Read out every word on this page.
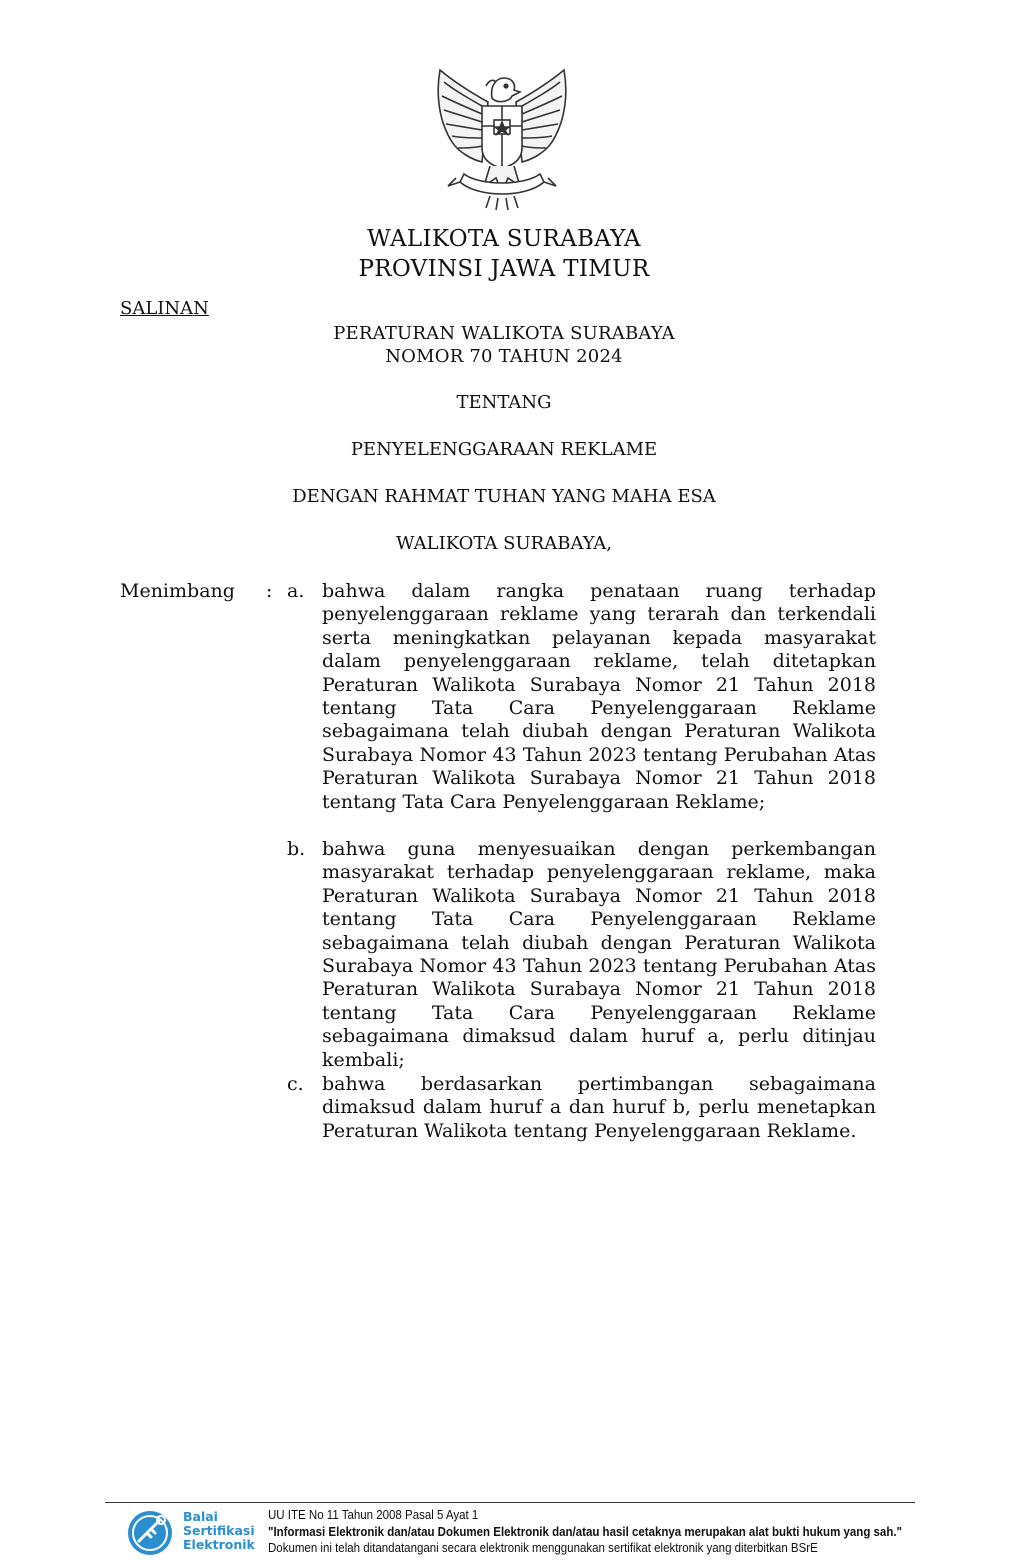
WALIKOTA SURABAYA
PROVINSI JAWA TIMUR
SALINAN
PERATURAN WALIKOTA SURABAYA
NOMOR 70 TAHUN 2024
TENTANG
PENYELENGGARAAN REKLAME
DENGAN RAHMAT TUHAN YANG MAHA ESA
WALIKOTA SURABAYA,
Menimbang : a. bahwa dalam rangka penataan ruang terhadap penyelenggaraan reklame yang terarah dan terkendali serta meningkatkan pelayanan kepada masyarakat dalam penyelenggaraan reklame, telah ditetapkan Peraturan Walikota Surabaya Nomor 21 Tahun 2018 tentang Tata Cara Penyelenggaraan Reklame sebagaimana telah diubah dengan Peraturan Walikota Surabaya Nomor 43 Tahun 2023 tentang Perubahan Atas Peraturan Walikota Surabaya Nomor 21 Tahun 2018 tentang Tata Cara Penyelenggaraan Reklame;

b. bahwa guna menyesuaikan dengan perkembangan masyarakat terhadap penyelenggaraan reklame, maka Peraturan Walikota Surabaya Nomor 21 Tahun 2018 tentang Tata Cara Penyelenggaraan Reklame sebagaimana telah diubah dengan Peraturan Walikota Surabaya Nomor 43 Tahun 2023 tentang Perubahan Atas Peraturan Walikota Surabaya Nomor 21 Tahun 2018 tentang Tata Cara Penyelenggaraan Reklame sebagaimana dimaksud dalam huruf a, perlu ditinjau kembali;

c. bahwa berdasarkan pertimbangan sebagaimana dimaksud dalam huruf a dan huruf b, perlu menetapkan Peraturan Walikota tentang Penyelenggaraan Reklame.

Balai
Sertifikasi
Elektronik
UU ITE No 11 Tahun 2008 Pasal 5 Ayat 1
"Informasi Elektronik dan/atau Dokumen Elektronik dan/atau hasil cetaknya merupakan alat bukti hukum yang sah."
Dokumen ini telah ditandatangani secara elektronik menggunakan sertifikat elektronik yang diterbitkan BSrE
